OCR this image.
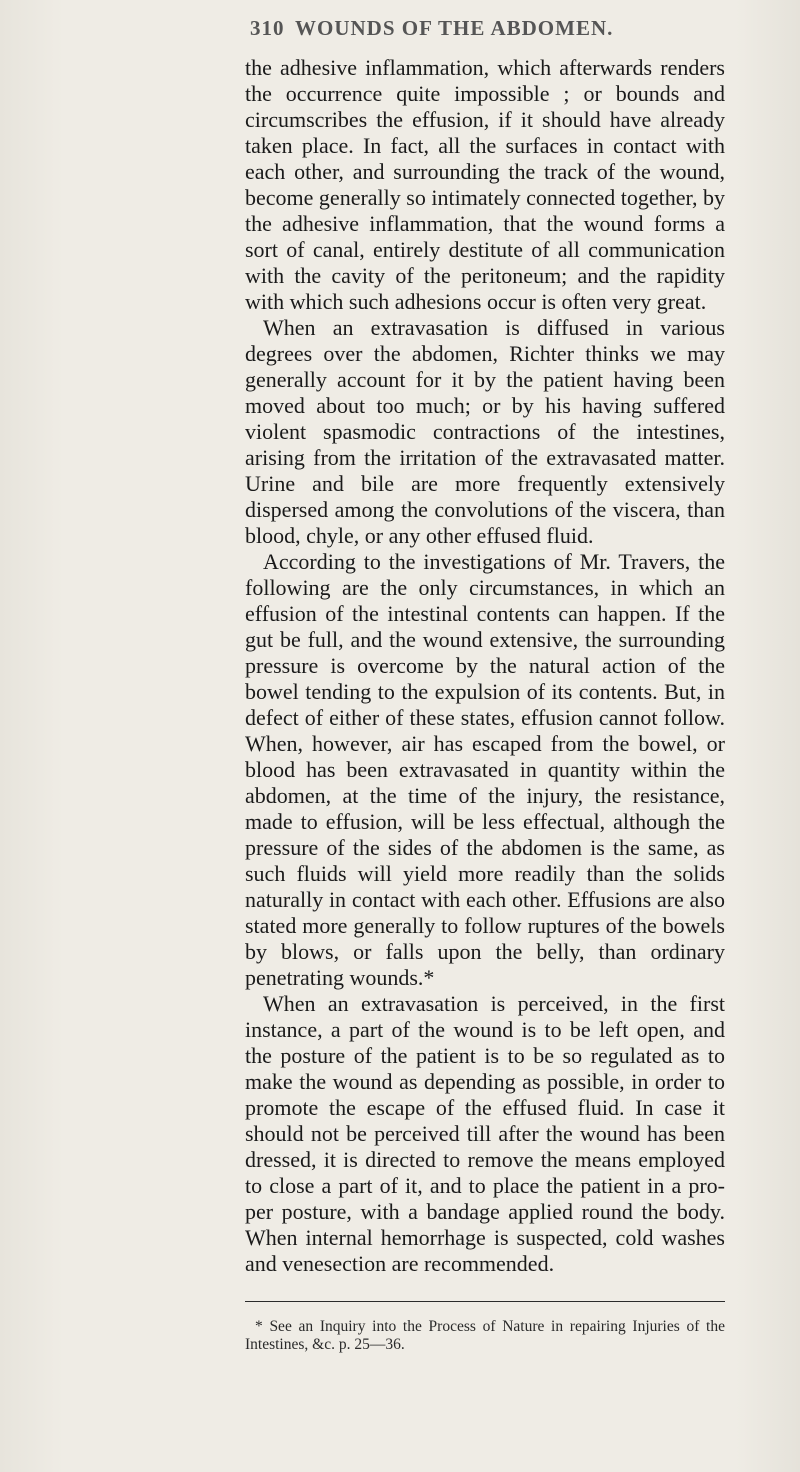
310 WOUNDS OF THE ABDOMEN.

the adhesive inflammation, which afterwards renders the occurrence quite impossible ; or bounds and circumscribes the effusion, if it should have already taken place. In fact, all the surfaces in contact with each other, and surrounding the track of the wound, become generally so intimately connected together, by the adhesive inflammation, that the wound forms a sort of canal, entirely destitute of all communication with the cavity of the peritoneum; and the rapidity with which such adhesions occur is often very great.

When an extravasation is diffused in various degrees over the abdomen, Richter thinks we may generally account for it by the patient having been moved about too much; or by his having suffered violent spasmodic contractions of the intestines, arising from the irritation of the extravasated matter. Urine and bile are more frequently extensively dispersed among the convolutions of the viscera, than blood, chyle, or any other effused fluid.

According to the investigations of Mr. Travers, the following are the only circumstances, in which an effusion of the intestinal contents can happen. If the gut be full, and the wound extensive, the surrounding pressure is overcome by the natural action of the bowel tending to the expulsion of its contents. But, in defect of either of these states, effusion cannot follow. When, however, air has escaped from the bowel, or blood has been extravasated in quantity within the abdomen, at the time of the injury, the resistance, made to effusion, will be less effectual, although the pressure of the sides of the abdomen is the same, as such fluids will yield more readily than the solids naturally in contact with each other. Effusions are also stated more generally to follow ruptures of the bowels by blows, or falls upon the belly, than ordinary penetrating wounds.*

When an extravasation is perceived, in the first instance, a part of the wound is to be left open, and the posture of the patient is to be so regulated as to make the wound as depending as possible, in order to promote the escape of the effused fluid. In case it should not be perceived till after the wound has been dressed, it is directed to remove the means employed to close a part of it, and to place the patient in a proper posture, with a bandage applied round the body. When internal hemorrhage is suspected, cold washes and venesection are recommended.

* See an Inquiry into the Process of Nature in repairing Injuries of the Intestines, &c. p. 25—36.
